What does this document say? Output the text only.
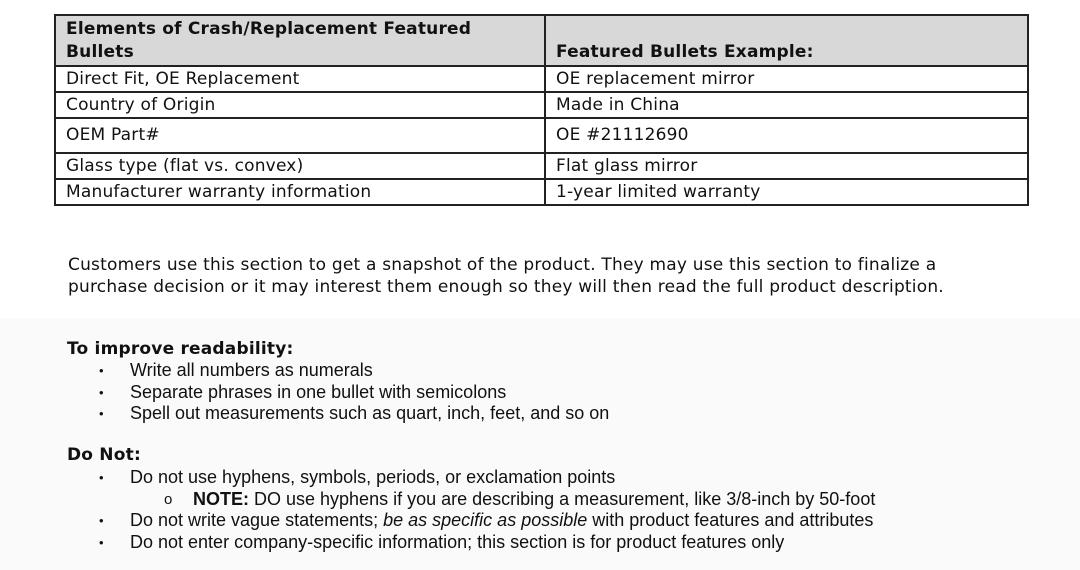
Elements of Crash/Replacement Featured Bullets	Featured Bullets Example:
Direct Fit, OE Replacement	OE replacement mirror
Country of Origin	Made in China
OEM Part#	OE #21112690
Glass type (flat vs. convex)	Flat glass mirror
Manufacturer warranty information	1-year limited warranty

Customers use this section to get a snapshot of the product. They may use this section to finalize a
purchase decision or it may interest them enough so they will then read the full product description.

To improve readability:

• Write all numbers as numerals
• Separate phrases in one bullet with semicolons
• Spell out measurements such as quart, inch, feet, and so on

Do Not:

• Do not use hyphens, symbols, periods, or exclamation points
o NOTE: DO use hyphens if you are describing a measurement, like 3/8-inch by 50-foot
• Do not write vague statements; be as specific as possible with product features and attributes
• Do not enter company-specific information; this section is for product features only
